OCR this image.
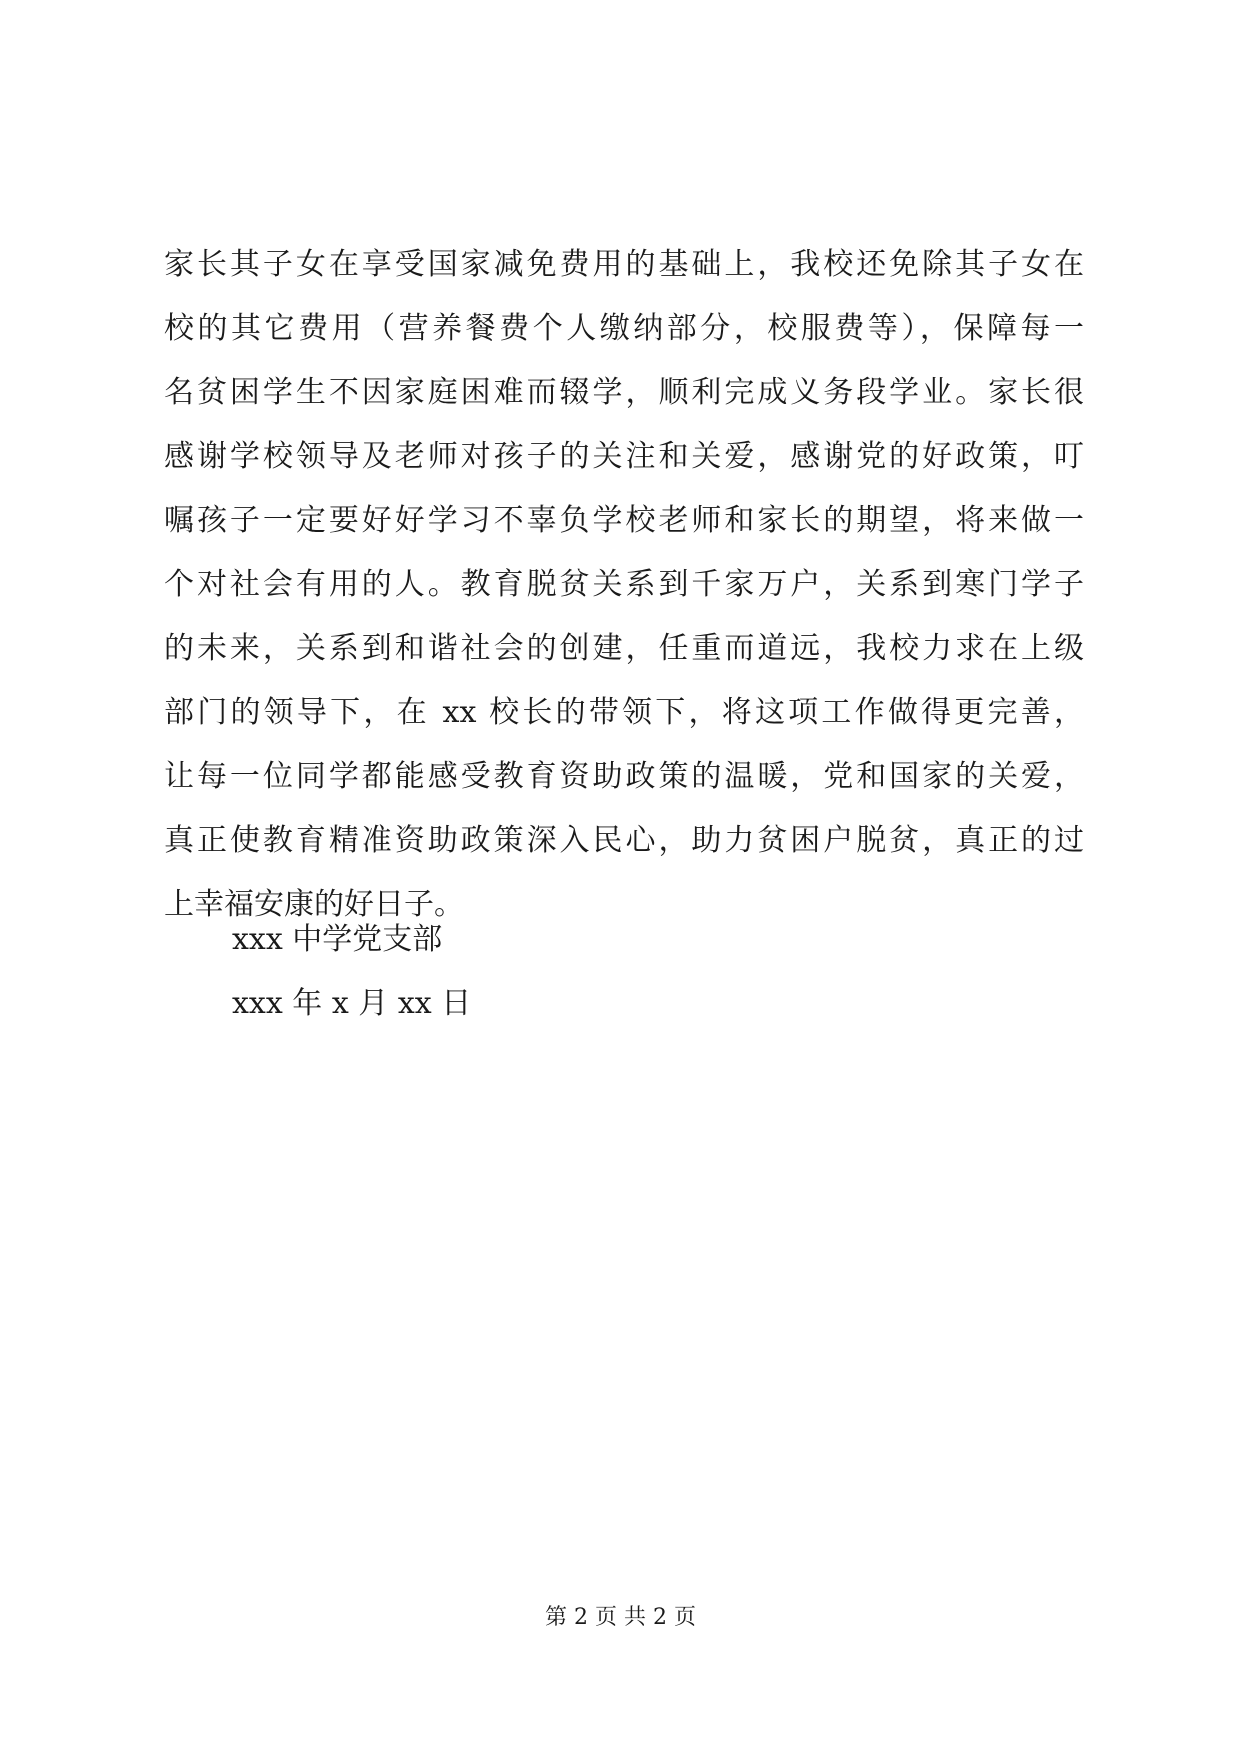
家长其子女在享受国家减免费用的基础上，我校还免除其子女在
校的其它费用（营养餐费个人缴纳部分，校服费等），保障每一
名贫困学生不因家庭困难而辍学，顺利完成义务段学业。家长很
感谢学校领导及老师对孩子的关注和关爱，感谢党的好政策，叮
嘱孩子一定要好好学习不辜负学校老师和家长的期望，将来做一
个对社会有用的人。教育脱贫关系到千家万户，关系到寒门学子
的未来，关系到和谐社会的创建，任重而道远，我校力求在上级
部门的领导下，在 xx 校长的带领下，将这项工作做得更完善，
让每一位同学都能感受教育资助政策的温暖，党和国家的关爱，
真正使教育精准资助政策深入民心，助力贫困户脱贫，真正的过
上幸福安康的好日子。
xxx 中学党支部
xxx 年 x 月 xx 日
第 2 页 共 2 页
